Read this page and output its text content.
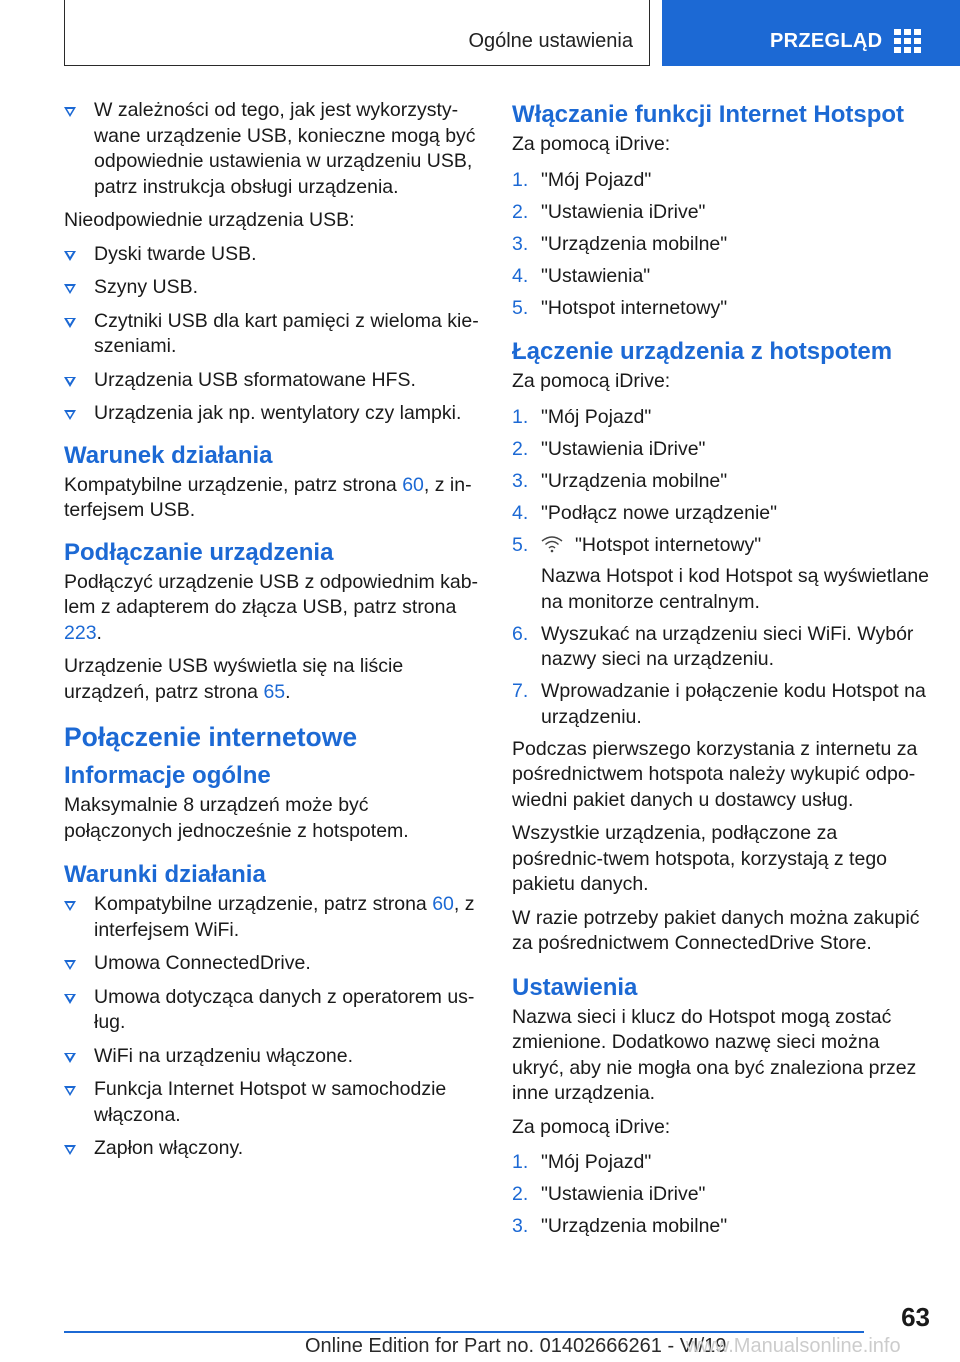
Ogólne ustawienia	PRZEGLĄD
W zależności od tego, jak jest wykorzysty-wane urządzenie USB, konieczne mogą być odpowiednie ustawienia w urządzeniu USB, patrz instrukcja obsługi urządzenia.

Nieodpowiednie urządzenia USB:

Dyski twarde USB.
Szyny USB.
Czytniki USB dla kart pamięci z wieloma kie-szeniami.
Urządzenia USB sformatowane HFS.
Urządzenia jak np. wentylatory czy lampki.
Warunek działania

Kompatybilne urządzenie, patrz strona 60, z in-terfejsem USB.

Podłączanie urządzenia

Podłączyć urządzenie USB z odpowiednim kab-lem z adapterem do złącza USB, patrz strona 223.

Urządzenie USB wyświetla się na liście urządzeń, patrz strona 65.

Połączenie internetowe
Informacje ogólne

Maksymalnie 8 urządzeń może być połączonych jednocześnie z hotspotem.

Warunki działania
Kompatybilne urządzenie, patrz strona 60, z interfejsem WiFi.
Umowa ConnectedDrive.
Umowa dotycząca danych z operatorem us-ług.
WiFi na urządzeniu włączone.
Funkcja Internet Hotspot w samochodzie włączona.
Zapłon włączony.
Włączanie funkcji Internet Hotspot

Za pomocą iDrive:

1. "Mój Pojazd"
2. "Ustawienia iDrive"
3. "Urządzenia mobilne"
4. "Ustawienia"
5. "Hotspot internetowy"
Łączenie urządzenia z hotspotem

Za pomocą iDrive:

1. "Mój Pojazd"
2. "Ustawienia iDrive"
3. "Urządzenia mobilne"
4. "Podłącz nowe urządzenie"
5. "Hotspot internetowy"
Nazwa Hotspot i kod Hotspot są wyświetlane na monitorze centralnym.
6. Wyszukać na urządzeniu sieci WiFi. Wybór nazwy sieci na urządzeniu.
7. Wprowadzanie i połączenie kodu Hotspot na urządzeniu.

Podczas pierwszego korzystania z internetu za pośrednictwem hotspota należy wykupić odpo-wiedni pakiet danych u dostawcy usług.

Wszystkie urządzenia, podłączone za pośrednic-twem hotspota, korzystają z tego pakietu danych.

W razie potrzeby pakiet danych można zakupić za pośrednictwem ConnectedDrive Store.

Ustawienia

Nazwa sieci i klucz do Hotspot mogą zostać zmienione. Dodatkowo nazwę sieci można ukryć, aby nie mogła ona być znaleziona przez inne urządzenia.

Za pomocą iDrive:

1. "Mój Pojazd"
2. "Ustawienia iDrive"
3. "Urządzenia mobilne"
63
Online Edition for Part no. 01402666261 - VI/19
www.Manualsonline.info
